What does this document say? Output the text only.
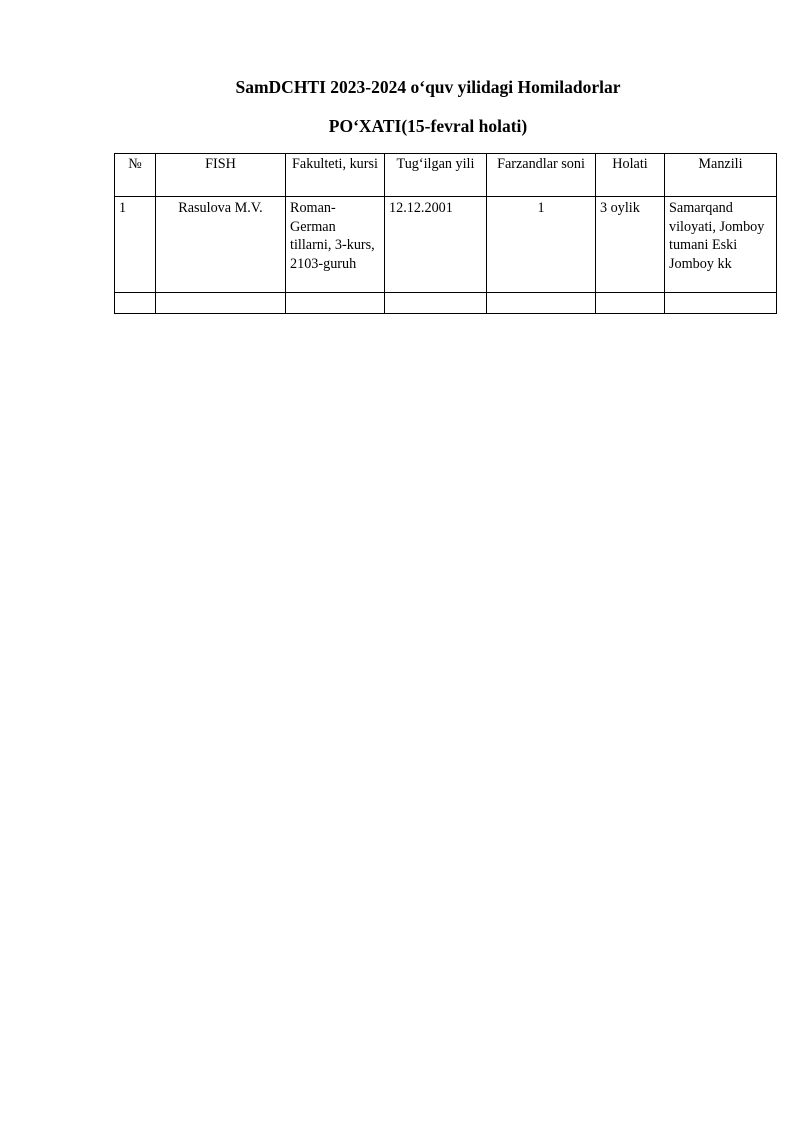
SamDCHTI 2023-2024 o‘quv yilidagi Homiladorlar
PO‘XATI(15-fevral holati)
№	FISH	Fakulteti, kursi	Tug‘ilgan yili	Farzandlar soni	Holati	Manzili
1	Rasulova M.V.	Roman-German tillarni, 3-kurs, 2103-guruh	12.12.2001	1	3 oylik	Samarqand viloyati, Jomboy tumani Eski Jomboy kk
